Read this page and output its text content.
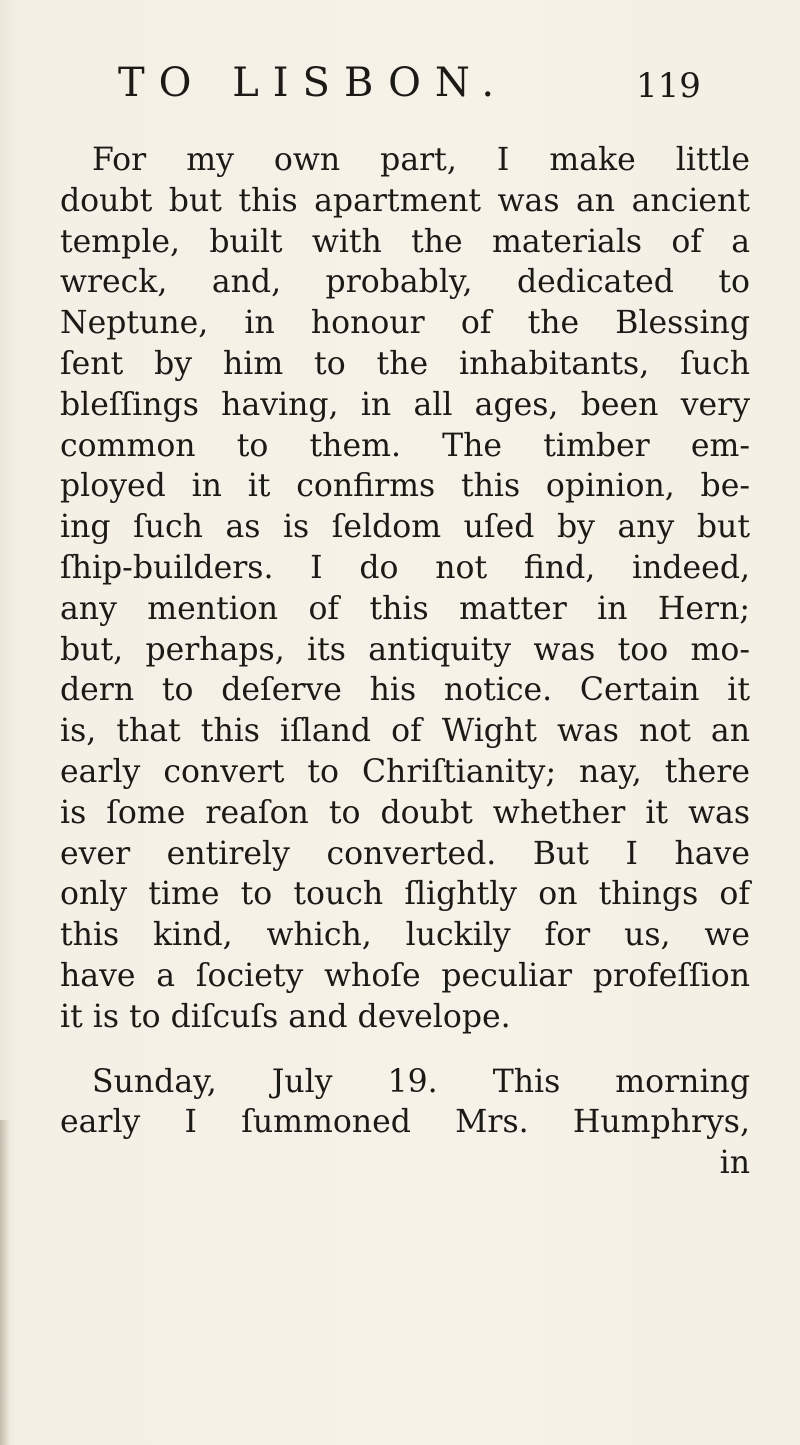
TO LISBON.	119
For my own part, I make little
doubt but this apartment was an ancient
temple, built with the materials of a
wreck, and, probably, dedicated to
Neptune, in honour of the Blessing
ſent by him to the inhabitants, ſuch
bleſſings having, in all ages, been very
common to them. The timber em-
ployed in it confirms this opinion, be-
ing ſuch as is ſeldom uſed by any but
ſhip-builders. I do not find, indeed,
any mention of this matter in Hern;
but, perhaps, its antiquity was too mo-
dern to deſerve his notice. Certain it
is, that this iſland of Wight was not an
early convert to Chriſtianity; nay, there
is ſome reaſon to doubt whether it was
ever entirely converted. But I have
only time to touch ſlightly on things of
this kind, which, luckily for us, we
have a ſociety whoſe peculiar profeſſion
it is to diſcuſs and develope.
Sunday, July 19. This morning
early I ſummoned Mrs. Humphrys,
in
